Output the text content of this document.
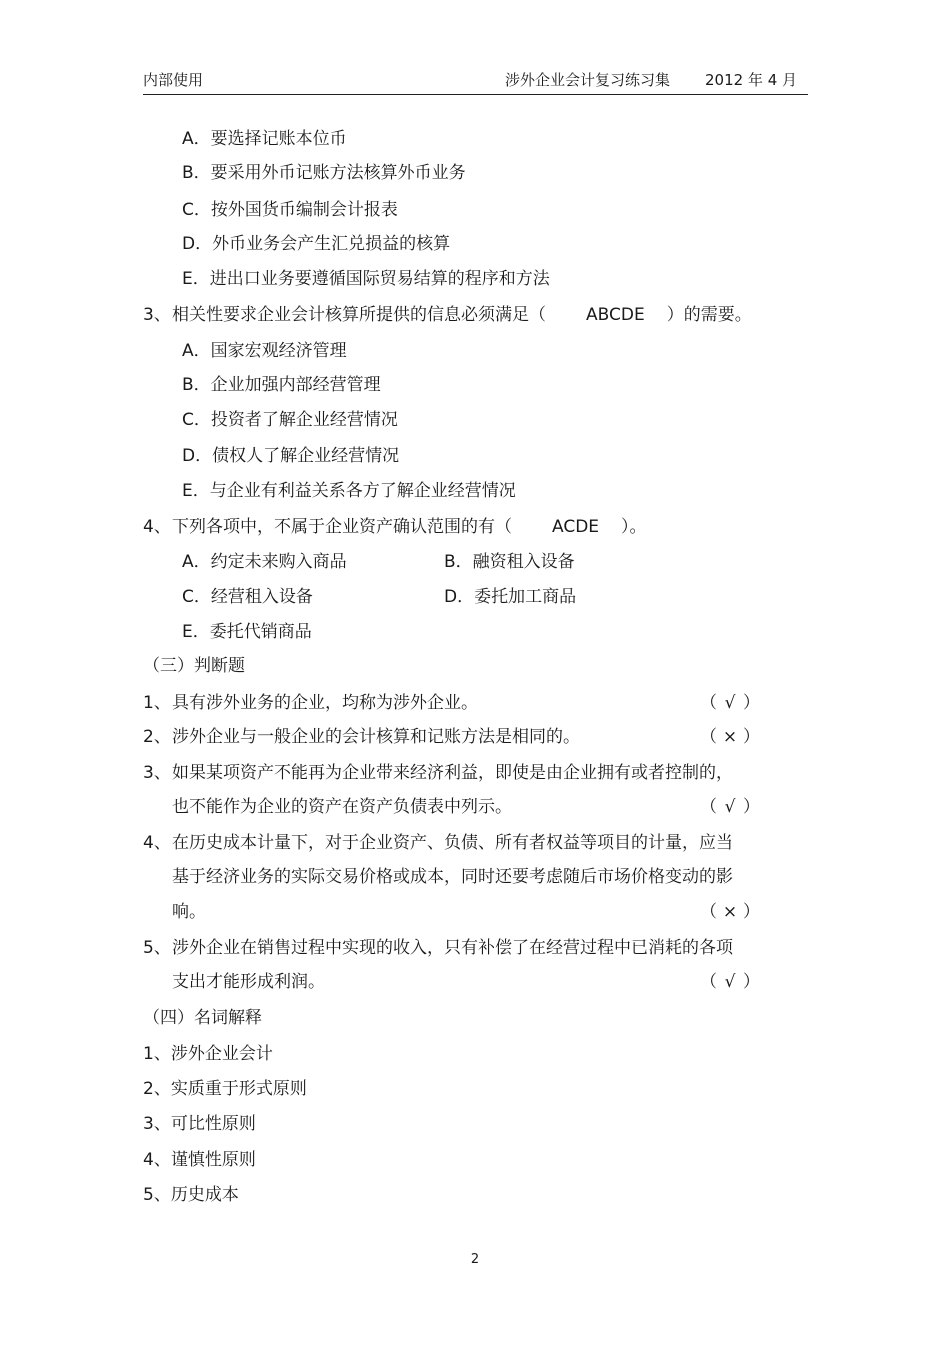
内部使用	涉外企业会计复习练习集 2012 年 4 月
A．要选择记账本位币
B．要采用外币记账方法核算外币业务
C．按外国货币编制会计报表
D．外币业务会产生汇兑损益的核算
E．进出口业务要遵循国际贸易结算的程序和方法
3、 相关性要求企业会计核算所提供的信息必须满足（ ABCDE ）的需要。
A．国家宏观经济管理
B．企业加强内部经营管理
C．投资者了解企业经营情况
D．债权人了解企业经营情况
E．与企业有利益关系各方了解企业经营情况
4、 下列各项中，不属于企业资产确认范围的有（ ACDE ）。
A．约定未来购入商品	B．融资租入设备
C．经营租入设备	D．委托加工商品
E．委托代销商品
（三）判断题
1、 具有涉外业务的企业，均称为涉外企业。	（ √ ）
2、 涉外企业与一般企业的会计核算和记账方法是相同的。	（ × ）
3、 如果某项资产不能再为企业带来经济利益，即使是由企业拥有或者控制的，
也不能作为企业的资产在资产负债表中列示。	（ √ ）
4、 在历史成本计量下，对于企业资产、负债、所有者权益等项目的计量，应当
基于经济业务的实际交易价格或成本，同时还要考虑随后市场价格变动的影
响。	（ × ）
5、 涉外企业在销售过程中实现的收入，只有补偿了在经营过程中已消耗的各项
支出才能形成利润。	（ √ ）
（四）名词解释
1、涉外企业会计
2、实质重于形式原则
3、可比性原则
4、谨慎性原则
5、历史成本
2
